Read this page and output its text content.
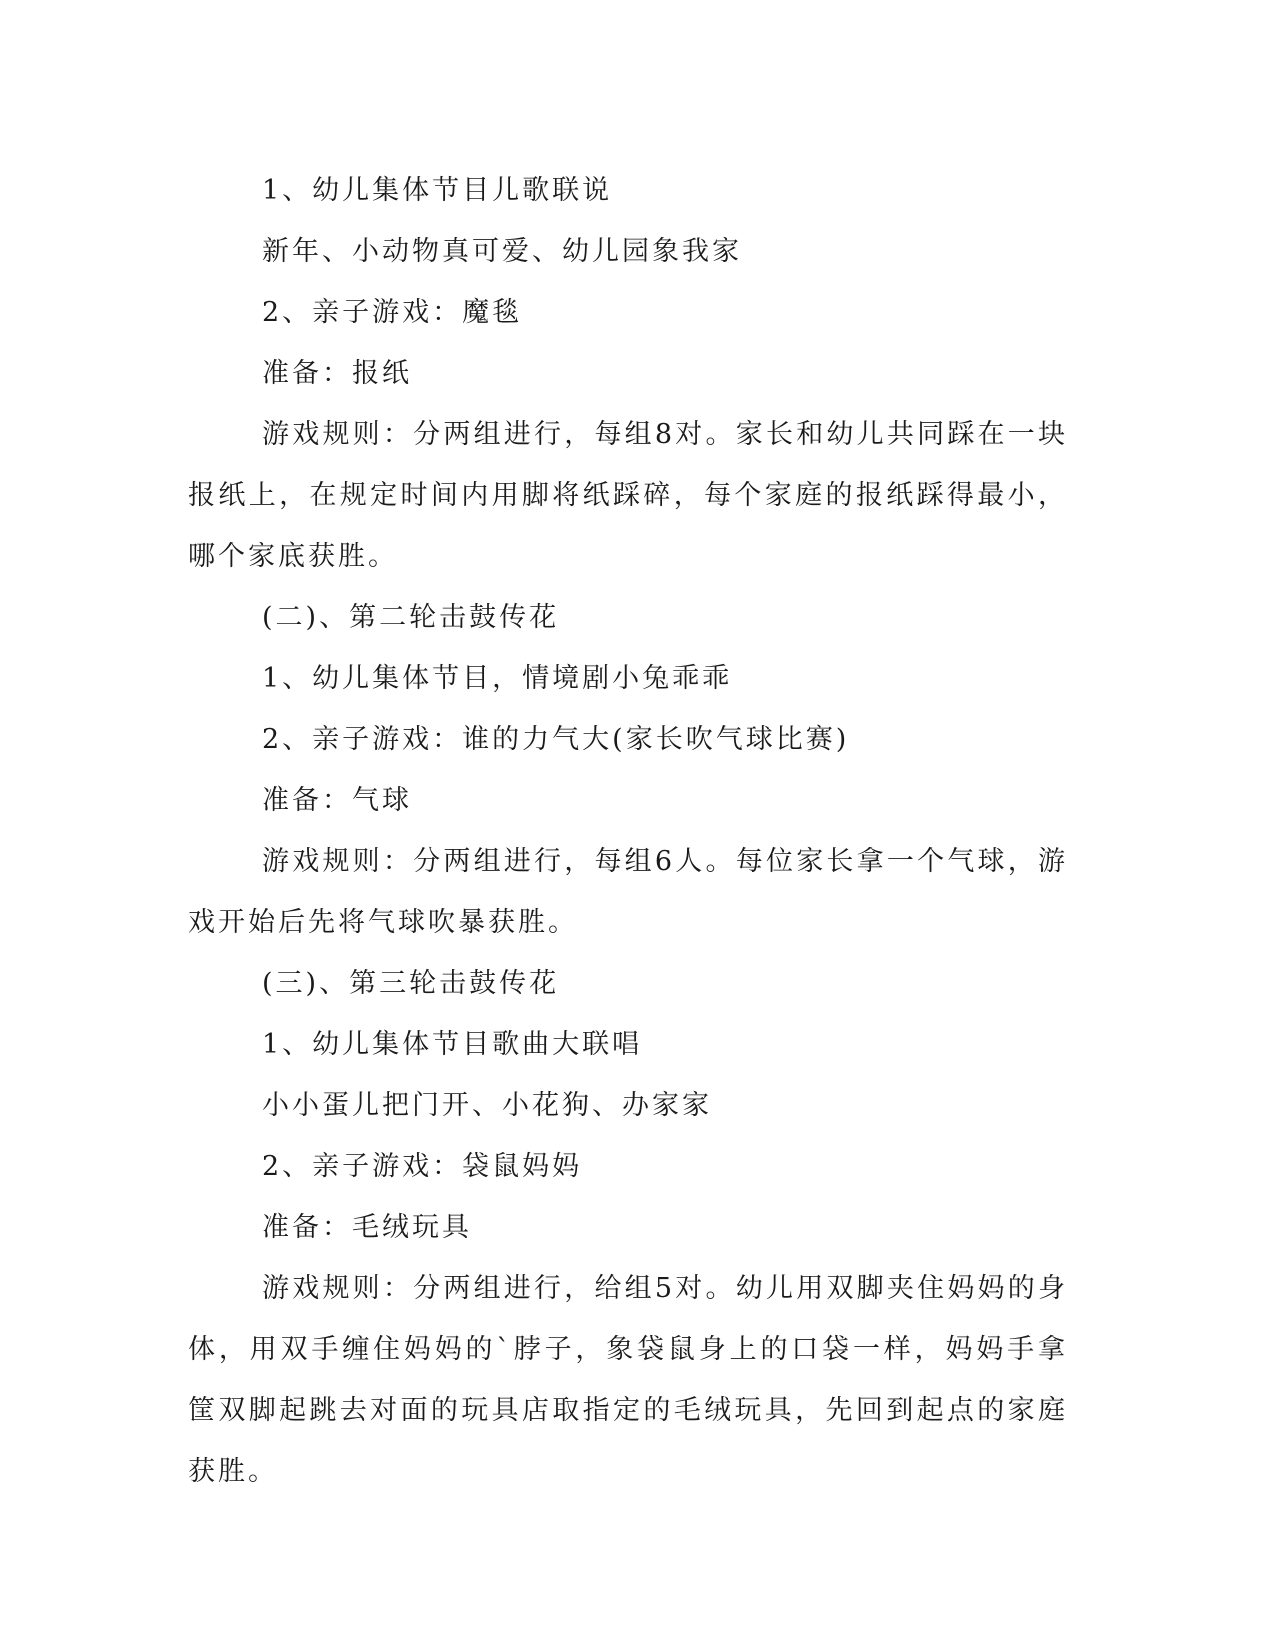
1、幼儿集体节目儿歌联说

新年、小动物真可爱、幼儿园象我家

2、亲子游戏：魔毯

准备：报纸

游戏规则：分两组进行，每组8对。家长和幼儿共同踩在一块报纸上，在规定时间内用脚将纸踩碎，每个家庭的报纸踩得最小，哪个家底获胜。

(二)、第二轮击鼓传花

1、幼儿集体节目，情境剧小兔乖乖

2、亲子游戏：谁的力气大(家长吹气球比赛)

准备：气球

游戏规则：分两组进行，每组6人。每位家长拿一个气球，游戏开始后先将气球吹暴获胜。

(三)、第三轮击鼓传花

1、幼儿集体节目歌曲大联唱

小小蛋儿把门开、小花狗、办家家

2、亲子游戏：袋鼠妈妈

准备：毛绒玩具

游戏规则：分两组进行，给组5对。幼儿用双脚夹住妈妈的身体，用双手缠住妈妈的`脖子，象袋鼠身上的口袋一样，妈妈手拿筐双脚起跳去对面的玩具店取指定的毛绒玩具，先回到起点的家庭获胜。
